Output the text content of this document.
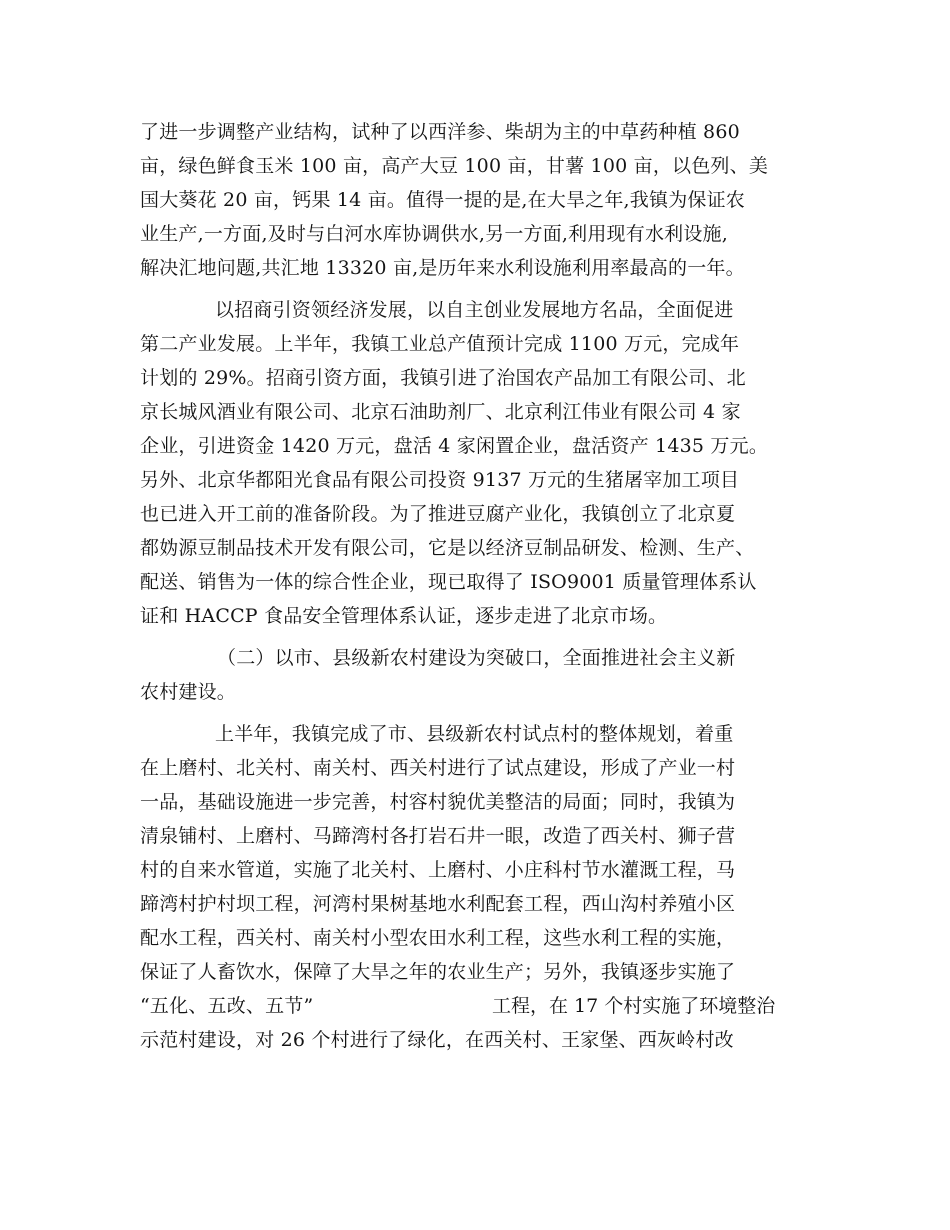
了进一步调整产业结构，试种了以西洋参、柴胡为主的中草药种植 860
亩，绿色鲜食玉米 100 亩，高产大豆 100 亩，甘薯 100 亩，以色列、美
国大葵花 20 亩，钙果 14 亩。值得一提的是,在大旱之年,我镇为保证农
业生产,一方面,及时与白河水库协调供水,另一方面,利用现有水利设施,
解决汇地问题,共汇地 13320 亩,是历年来水利设施利用率最高的一年。
以招商引资领经济发展，以自主创业发展地方名品，全面促进
第二产业发展。上半年，我镇工业总产值预计完成 1100 万元，完成年
计划的 29%。招商引资方面，我镇引进了治国农产品加工有限公司、北
京长城风酒业有限公司、北京石油助剂厂、北京利江伟业有限公司 4 家
企业，引进资金 1420 万元，盘活 4 家闲置企业，盘活资产 1435 万元。
另外、北京华都阳光食品有限公司投资 9137 万元的生猪屠宰加工项目
也已进入开工前的准备阶段。为了推进豆腐产业化，我镇创立了北京夏
都妫源豆制品技术开发有限公司，它是以经济豆制品研发、检测、生产、
配送、销售为一体的综合性企业，现已取得了 ISO9001 质量管理体系认
证和 HACCP 食品安全管理体系认证，逐步走进了北京市场。
（二）以市、县级新农村建设为突破口，全面推进社会主义新
农村建设。
上半年，我镇完成了市、县级新农村试点村的整体规划，着重
在上磨村、北关村、南关村、西关村进行了试点建设，形成了产业一村
一品，基础设施进一步完善，村容村貌优美整洁的局面；同时，我镇为
清泉铺村、上磨村、马蹄湾村各打岩石井一眼，改造了西关村、狮子营
村的自来水管道，实施了北关村、上磨村、小庄科村节水灌溉工程，马
蹄湾村护村坝工程，河湾村果树基地水利配套工程，西山沟村养殖小区
配水工程，西关村、南关村小型农田水利工程，这些水利工程的实施，
保证了人畜饮水，保障了大旱之年的农业生产；另外，我镇逐步实施了
“五化、五改、五节”	工程，在 17 个村实施了环境整治
示范村建设，对 26 个村进行了绿化，在西关村、王家堡、西灰岭村改
